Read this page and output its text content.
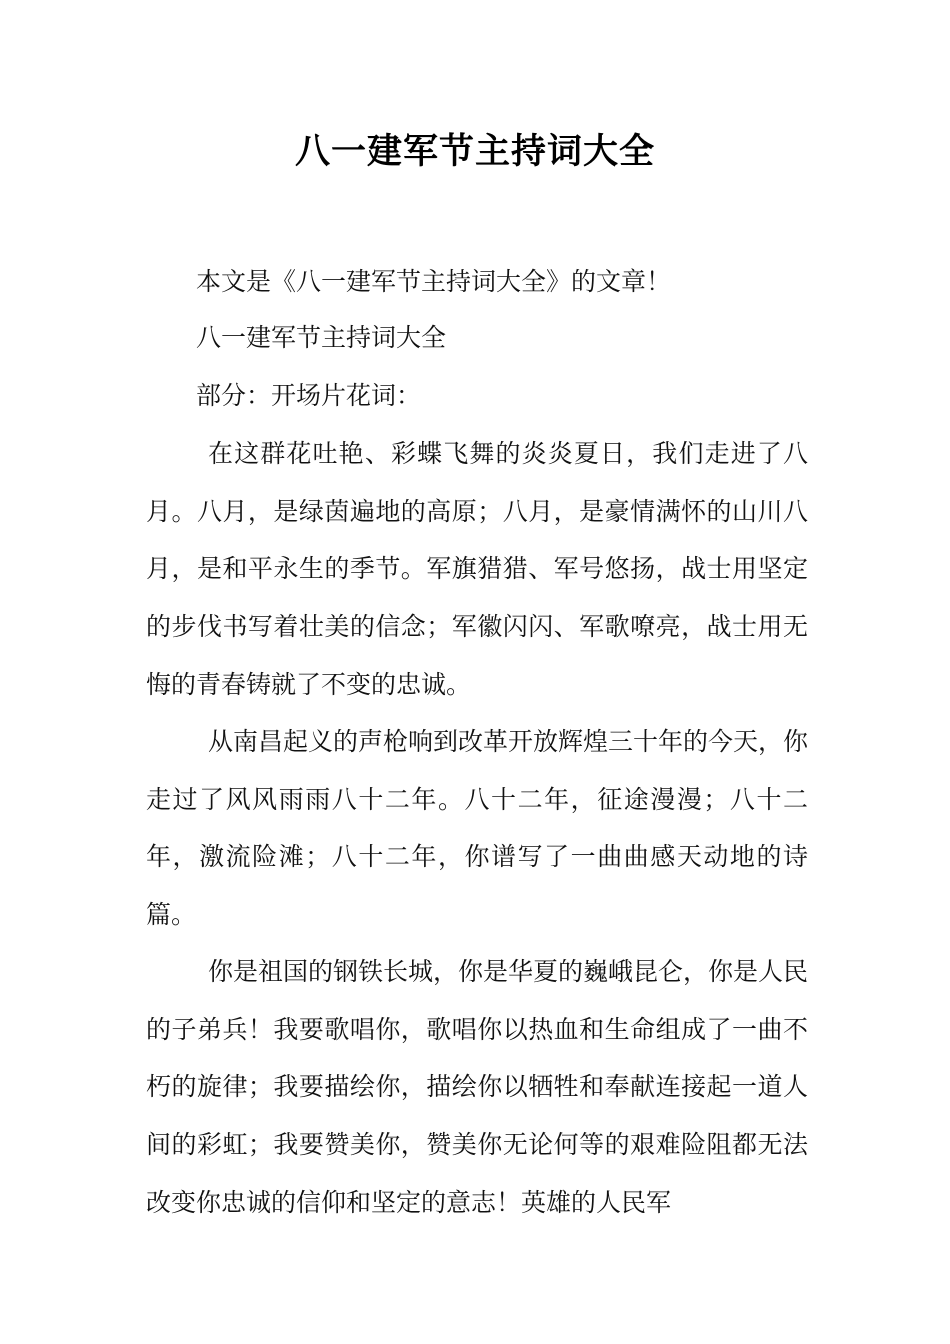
八一建军节主持词大全
本文是《八一建军节主持词大全》的文章！
八一建军节主持词大全
部分：开场片花词：
在这群花吐艳、彩蝶飞舞的炎炎夏日，我们走进了八月。八月，是绿茵遍地的高原；八月，是豪情满怀的山川八月，是和平永生的季节。军旗猎猎、军号悠扬，战士用坚定的步伐书写着壮美的信念；军徽闪闪、军歌嘹亮，战士用无悔的青春铸就了不变的忠诚。
从南昌起义的声枪响到改革开放辉煌三十年的今天，你走过了风风雨雨八十二年。八十二年，征途漫漫；八十二年，激流险滩；八十二年，你谱写了一曲曲感天动地的诗篇。
你是祖国的钢铁长城，你是华夏的巍峨昆仑，你是人民的子弟兵！我要歌唱你，歌唱你以热血和生命组成了一曲不朽的旋律；我要描绘你，描绘你以牺牲和奉献连接起一道人间的彩虹；我要赞美你，赞美你无论何等的艰难险阻都无法改变你忠诚的信仰和坚定的意志！英雄的人民军
